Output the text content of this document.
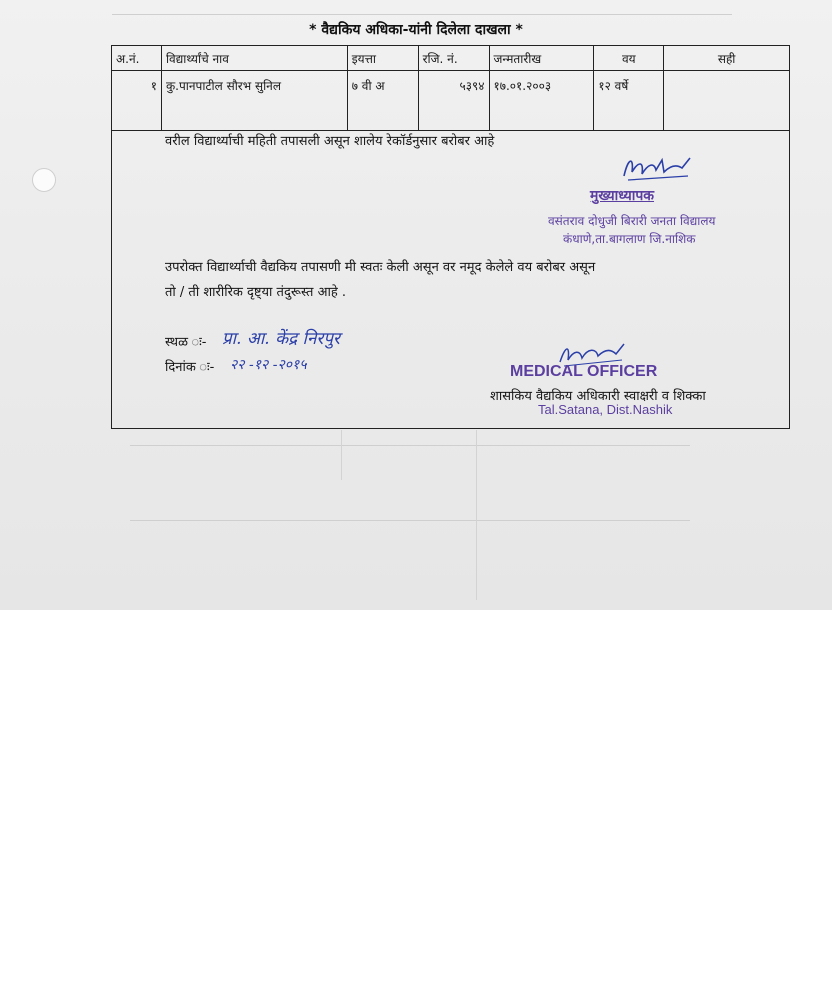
* वैद्यकिय अधिका-यांनी दिलेला दाखला *
अ.नं.	विद्यार्थ्यांचे नाव	इयत्ता	रजि. नं.	जन्मतारीख	वय	सही
१	कु.पानपाटील सौरभ सुनिल	७ वी अ	५३९४	१७.०१.२००३	१२ वर्षे	
वरील विद्यार्थ्याची महिती तपासली असून शालेय रेकॉर्डनुसार बरोबर आहे
मुख्याध्यापक
वसंतराव दोधुजी बिरारी जनता विद्यालय
कंधाणे,ता.बागलाण जि.नाशिक
उपरोक्त विद्यार्थ्याची वैद्यकिय तपासणी मी स्वतः केली असून वर नमूद केलेले वय बरोबर असून
तो / ती शारीरिक दृष्ट्या तंदुरूस्त आहे .
स्थळ ः- प्रा. आ. केंद्र निरपुर
दिनांक ः- २२ -१२ -२०१५	MEDICAL OFFICER
शासकिय वैद्यकिय अधिकारी स्वाक्षरी व शिक्का
Tal.Satana, Dist.Nashik
